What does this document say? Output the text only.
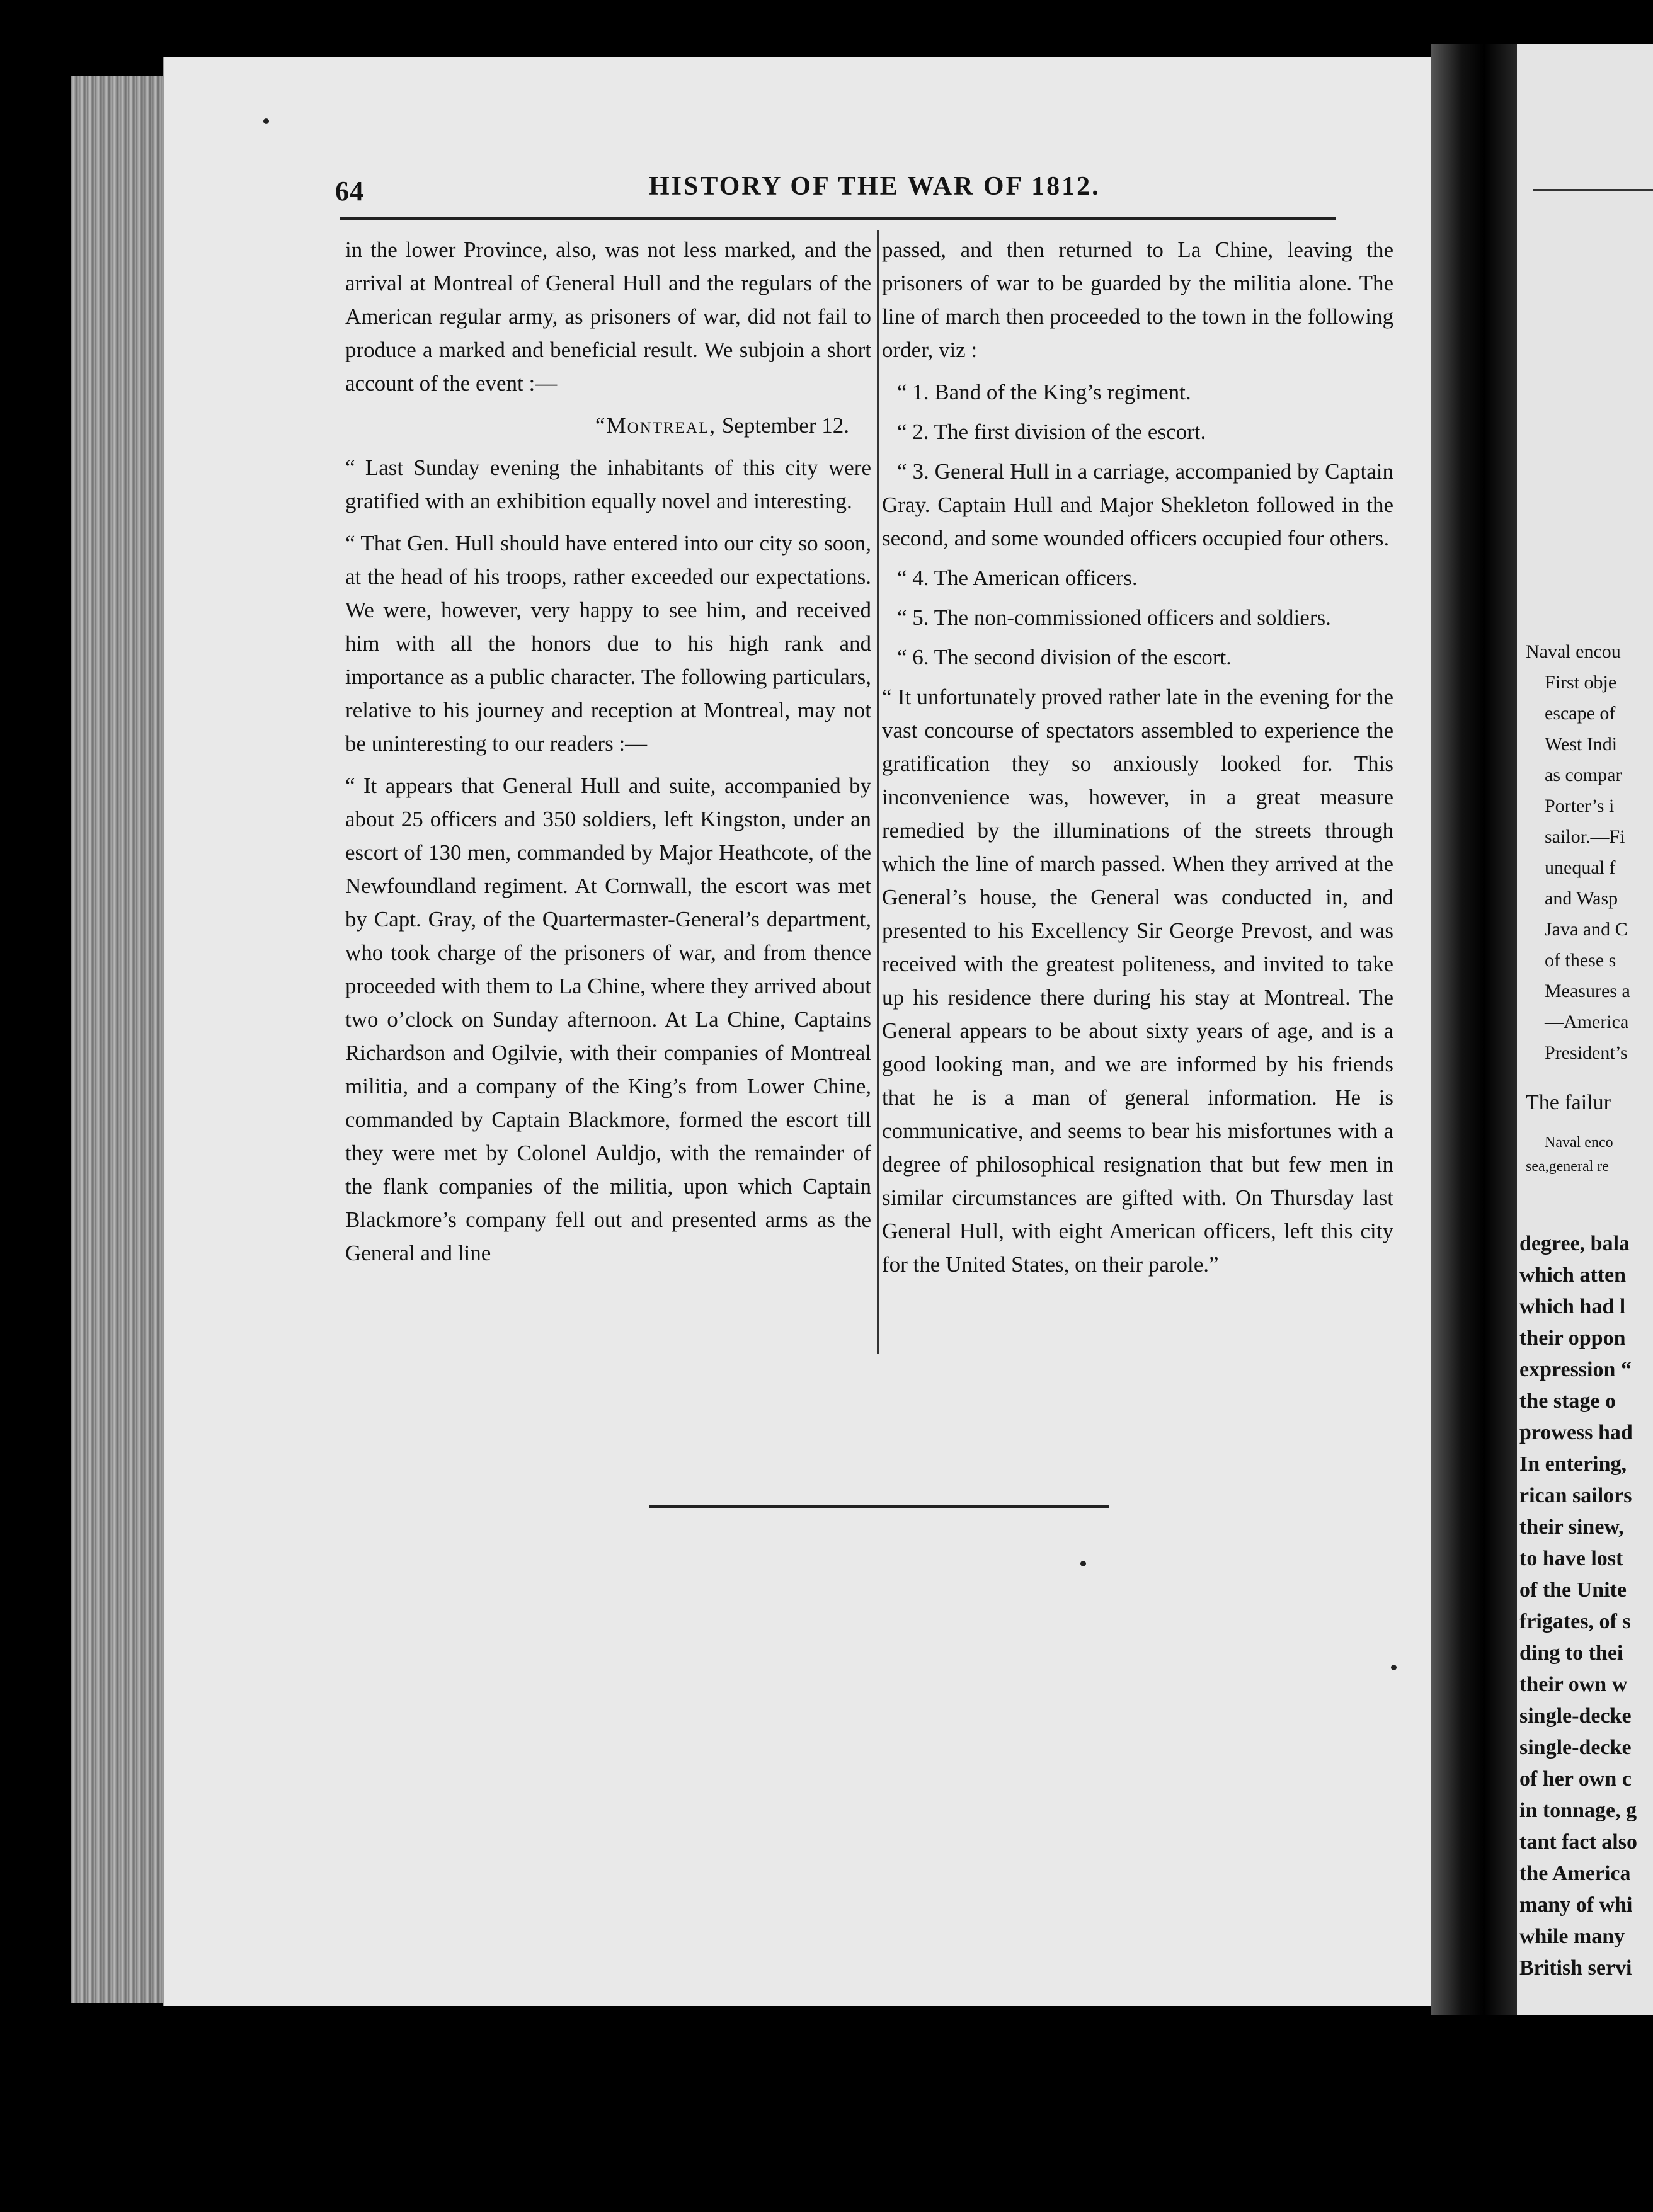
64	HISTORY OF THE WAR OF 1812.

in the lower Province, also, was not less marked, and the arrival at Montreal of General Hull and the regulars of the American regular army, as prisoners of war, did not fail to produce a marked and beneficial result. We subjoin a short account of the event :—

“Montreal, September 12.

“ Last Sunday evening the inhabitants of this city were gratified with an exhibition equally novel and interesting.

“ That Gen. Hull should have entered into our city so soon, at the head of his troops, rather exceeded our expectations. We were, however, very happy to see him, and received him with all the honors due to his high rank and importance as a public character. The following particulars, relative to his journey and reception at Montreal, may not be uninteresting to our readers :—

“ It appears that General Hull and suite, accompanied by about 25 officers and 350 soldiers, left Kingston, under an escort of 130 men, commanded by Major Heathcote, of the Newfoundland regiment. At Cornwall, the escort was met by Capt. Gray, of the Quartermaster-General’s department, who took charge of the prisoners of war, and from thence proceeded with them to La Chine, where they arrived about two o’clock on Sunday afternoon. At La Chine, Captains Richardson and Ogilvie, with their companies of Montreal militia, and a company of the King’s from Lower Chine, commanded by Captain Blackmore, formed the escort till they were met by Colonel Auldjo, with the remainder of the flank companies of the militia, upon which Captain Blackmore’s company fell out and presented arms as the General and line

passed, and then returned to La Chine, leaving the prisoners of war to be guarded by the militia alone. The line of march then proceeded to the town in the following order, viz :

“ 1. Band of the King’s regiment.

“ 2. The first division of the escort.

“ 3. General Hull in a carriage, accompanied by Captain Gray. Captain Hull and Major Shekleton followed in the second, and some wounded officers occupied four others.

“ 4. The American officers.

“ 5. The non-commissioned officers and soldiers.

“ 6. The second division of the escort.

“ It unfortunately proved rather late in the evening for the vast concourse of spectators assembled to experience the gratification they so anxiously looked for. This inconvenience was, however, in a great measure remedied by the illuminations of the streets through which the line of march passed. When they arrived at the General’s house, the General was conducted in, and presented to his Excellency Sir George Prevost, and was received with the greatest politeness, and invited to take up his residence there during his stay at Montreal. The General appears to be about sixty years of age, and is a good looking man, and we are informed by his friends that he is a man of general information. He is communicative, and seems to bear his misfortunes with a degree of philosophical resignation that but few men in similar circumstances are gifted with. On Thursday last General Hull, with eight American officers, left this city for the United States, on their parole.”

Naval encou
First obje
escape of
West Indi
as compar
Porter’s i
sailor.—Fi
unequal f
and Wasp
Java and C
of these s
Measures a
—America
President’s
The failur
Naval enco
sea,general re
degree, bala
which atten
which had l
their oppon
expression “
the stage o
prowess had
In entering,
rican sailors
their sinew,
to have lost
of the Unite
frigates, of s
ding to thei
their own w
single-decke
single-decke
of her own c
in tonnage, g
tant fact also
the America
many of whi
while many
British servi
